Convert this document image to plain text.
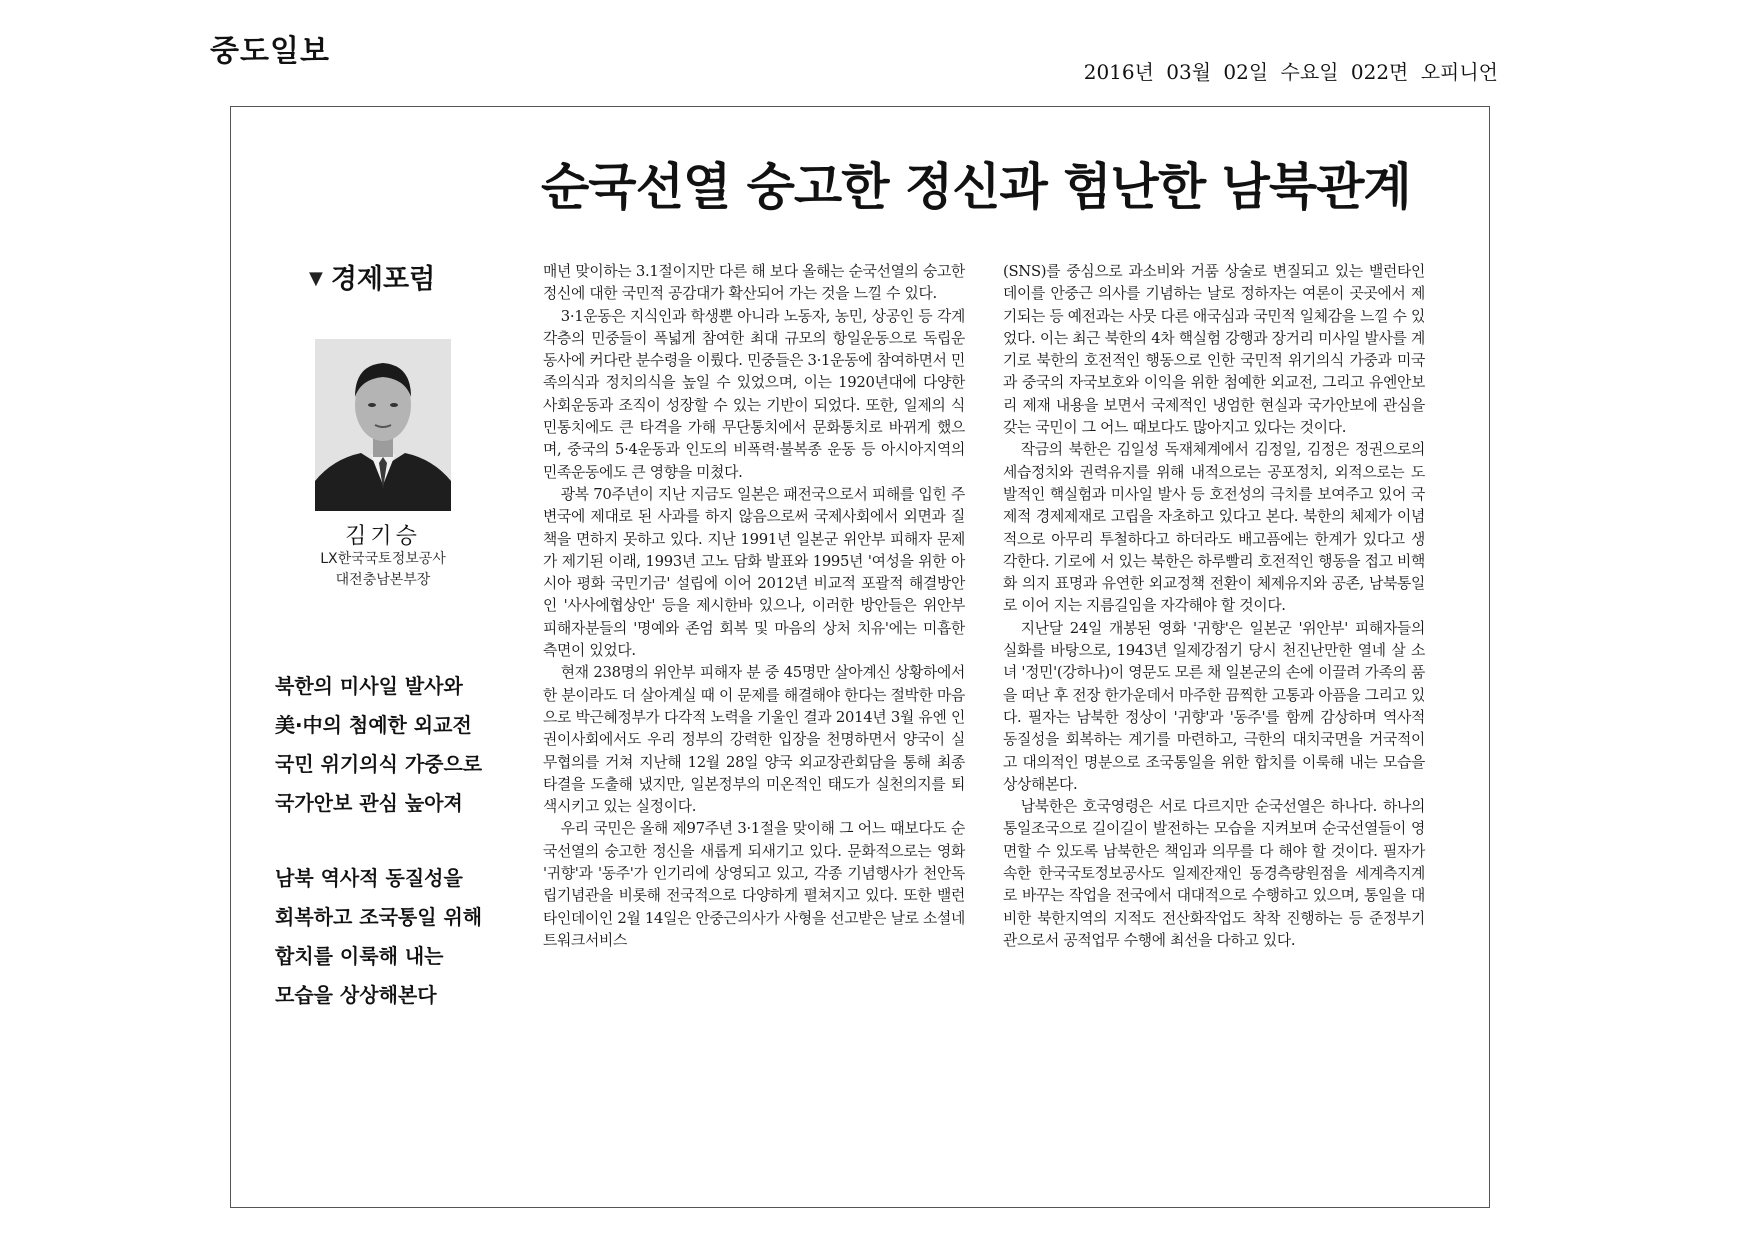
중도일보
2016년 03월 02일 수요일 022면 오피니언
순국선열 숭고한 정신과 험난한 남북관계
▼ 경제포럼
김기승
LX한국국토정보공사
대전충남본부장
북한의 미사일 발사와
美·中의 첨예한 외교전
국민 위기의식 가중으로
국가안보 관심 높아져
남북 역사적 동질성을
회복하고 조국통일 위해
합치를 이룩해 내는
모습을 상상해본다

매년 맞이하는 3.1절이지만 다른 해 보다 올해는 순국선열의 숭고한 정신에 대한 국민적 공감대가 확산되어 가는 것을 느낄 수 있다.

3·1운동은 지식인과 학생뿐 아니라 노동자, 농민, 상공인 등 각계각층의 민중들이 폭넓게 참여한 최대 규모의 항일운동으로 독립운동사에 커다란 분수령을 이뤘다. 민중들은 3·1운동에 참여하면서 민족의식과 정치의식을 높일 수 있었으며, 이는 1920년대에 다양한 사회운동과 조직이 성장할 수 있는 기반이 되었다. 또한, 일제의 식민통치에도 큰 타격을 가해 무단통치에서 문화통치로 바뀌게 했으며, 중국의 5·4운동과 인도의 비폭력·불복종 운동 등 아시아지역의 민족운동에도 큰 영향을 미쳤다.

광복 70주년이 지난 지금도 일본은 패전국으로서 피해를 입힌 주변국에 제대로 된 사과를 하지 않음으로써 국제사회에서 외면과 질책을 면하지 못하고 있다. 지난 1991년 일본군 위안부 피해자 문제가 제기된 이래, 1993년 고노 담화 발표와 1995년 '여성을 위한 아시아 평화 국민기금' 설립에 이어 2012년 비교적 포괄적 해결방안인 '사사에협상안' 등을 제시한바 있으나, 이러한 방안들은 위안부 피해자분들의 '명예와 존엄 회복 및 마음의 상처 치유'에는 미흡한 측면이 있었다.

현재 238명의 위안부 피해자 분 중 45명만 살아계신 상황하에서 한 분이라도 더 살아계실 때 이 문제를 해결해야 한다는 절박한 마음으로 박근혜정부가 다각적 노력을 기울인 결과 2014년 3월 유엔 인권이사회에서도 우리 정부의 강력한 입장을 천명하면서 양국이 실무협의를 거쳐 지난해 12월 28일 양국 외교장관회담을 통해 최종 타결을 도출해 냈지만, 일본정부의 미온적인 태도가 실천의지를 퇴색시키고 있는 실정이다.

우리 국민은 올해 제97주년 3·1절을 맞이해 그 어느 때보다도 순국선열의 숭고한 정신을 새롭게 되새기고 있다. 문화적으로는 영화 '귀향'과 '동주'가 인기리에 상영되고 있고, 각종 기념행사가 천안독립기념관을 비롯해 전국적으로 다양하게 펼쳐지고 있다. 또한 밸런타인데이인 2월 14일은 안중근의사가 사형을 선고받은 날로 소셜네트워크서비스

(SNS)를 중심으로 과소비와 거품 상술로 변질되고 있는 밸런타인데이를 안중근 의사를 기념하는 날로 정하자는 여론이 곳곳에서 제기되는 등 예전과는 사뭇 다른 애국심과 국민적 일체감을 느낄 수 있었다. 이는 최근 북한의 4차 핵실험 강행과 장거리 미사일 발사를 계기로 북한의 호전적인 행동으로 인한 국민적 위기의식 가중과 미국과 중국의 자국보호와 이익을 위한 첨예한 외교전, 그리고 유엔안보리 제재 내용을 보면서 국제적인 냉엄한 현실과 국가안보에 관심을 갖는 국민이 그 어느 때보다도 많아지고 있다는 것이다.

작금의 북한은 김일성 독재체계에서 김정일, 김정은 정권으로의 세습정치와 권력유지를 위해 내적으로는 공포정치, 외적으로는 도발적인 핵실험과 미사일 발사 등 호전성의 극치를 보여주고 있어 국제적 경제제재로 고립을 자초하고 있다고 본다. 북한의 체제가 이념적으로 아무리 투철하다고 하더라도 배고픔에는 한계가 있다고 생각한다. 기로에 서 있는 북한은 하루빨리 호전적인 행동을 접고 비핵화 의지 표명과 유연한 외교정책 전환이 체제유지와 공존, 남북통일로 이어 지는 지름길임을 자각해야 할 것이다.

지난달 24일 개봉된 영화 '귀향'은 일본군 '위안부' 피해자들의 실화를 바탕으로, 1943년 일제강점기 당시 천진난만한 열네 살 소녀 '정민'(강하나)이 영문도 모른 채 일본군의 손에 이끌려 가족의 품을 떠난 후 전장 한가운데서 마주한 끔찍한 고통과 아픔을 그리고 있다. 필자는 남북한 정상이 '귀향'과 '동주'를 함께 감상하며 역사적 동질성을 회복하는 계기를 마련하고, 극한의 대치국면을 거국적이고 대의적인 명분으로 조국통일을 위한 합치를 이룩해 내는 모습을 상상해본다.

남북한은 호국영령은 서로 다르지만 순국선열은 하나다. 하나의 통일조국으로 길이길이 발전하는 모습을 지켜보며 순국선열들이 영면할 수 있도록 남북한은 책임과 의무를 다 해야 할 것이다. 필자가 속한 한국국토정보공사도 일제잔재인 동경측량원점을 세계측지계로 바꾸는 작업을 전국에서 대대적으로 수행하고 있으며, 통일을 대비한 북한지역의 지적도 전산화작업도 착착 진행하는 등 준정부기관으로서 공적업무 수행에 최선을 다하고 있다.
